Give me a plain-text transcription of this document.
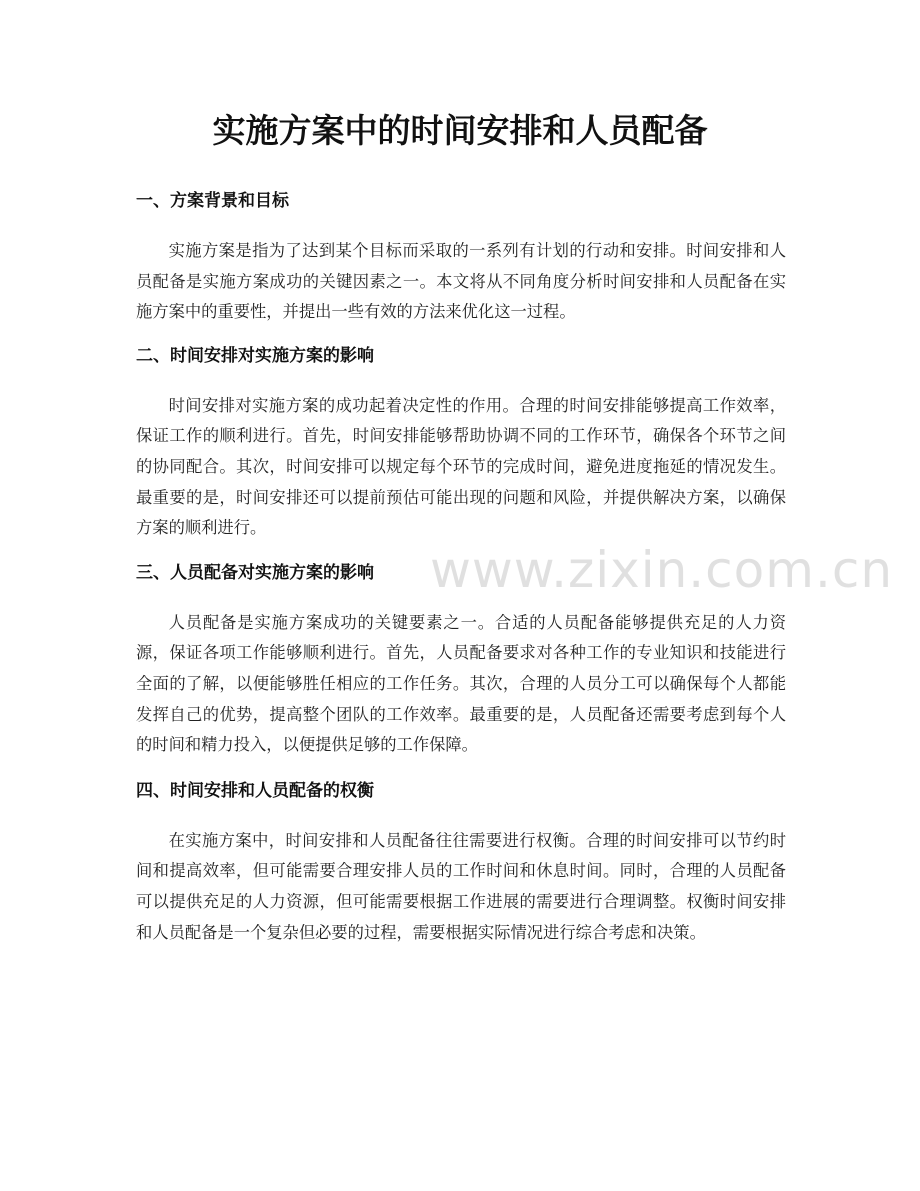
实施方案中的时间安排和人员配备
一、方案背景和目标

实施方案是指为了达到某个目标而采取的一系列有计划的行动和安排。时间安排和人员配备是实施方案成功的关键因素之一。本文将从不同角度分析时间安排和人员配备在实施方案中的重要性，并提出一些有效的方法来优化这一过程。

二、时间安排对实施方案的影响

时间安排对实施方案的成功起着决定性的作用。合理的时间安排能够提高工作效率，保证工作的顺利进行。首先，时间安排能够帮助协调不同的工作环节，确保各个环节之间的协同配合。其次，时间安排可以规定每个环节的完成时间，避免进度拖延的情况发生。最重要的是，时间安排还可以提前预估可能出现的问题和风险，并提供解决方案，以确保方案的顺利进行。

三、人员配备对实施方案的影响

人员配备是实施方案成功的关键要素之一。合适的人员配备能够提供充足的人力资源，保证各项工作能够顺利进行。首先，人员配备要求对各种工作的专业知识和技能进行全面的了解，以便能够胜任相应的工作任务。其次，合理的人员分工可以确保每个人都能发挥自己的优势，提高整个团队的工作效率。最重要的是，人员配备还需要考虑到每个人的时间和精力投入，以便提供足够的工作保障。

四、时间安排和人员配备的权衡

在实施方案中，时间安排和人员配备往往需要进行权衡。合理的时间安排可以节约时间和提高效率，但可能需要合理安排人员的工作时间和休息时间。同时，合理的人员配备可以提供充足的人力资源，但可能需要根据工作进展的需要进行合理调整。权衡时间安排和人员配备是一个复杂但必要的过程，需要根据实际情况进行综合考虑和决策。

www.zixin.com.cn
